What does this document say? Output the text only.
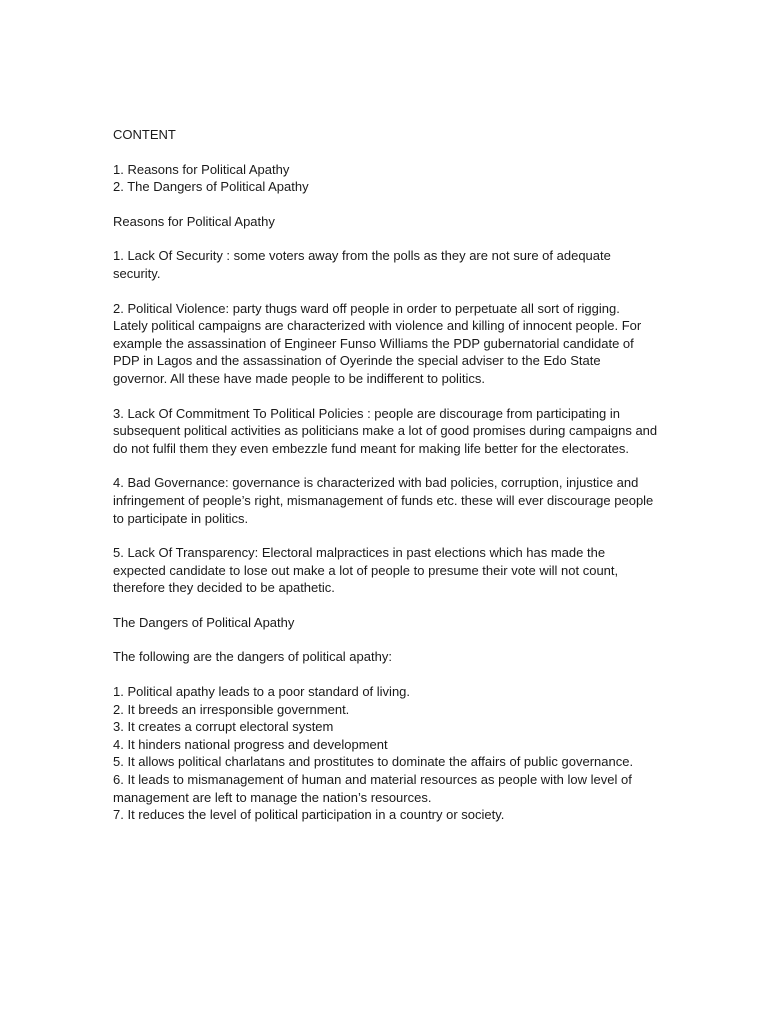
CONTENT
1. Reasons for Political Apathy
2. The Dangers of Political Apathy
Reasons for Political Apathy
1. Lack Of Security : some voters away from the polls as they are not sure of adequate security.
2. Political Violence: party thugs ward off people in order to perpetuate all sort of rigging. Lately political campaigns are characterized with violence and killing of innocent people. For example the assassination of Engineer Funso Williams the PDP gubernatorial candidate of PDP in Lagos and the assassination of Oyerinde the special adviser to the Edo State governor. All these have made people to be indifferent to politics.
3. Lack Of Commitment To Political Policies : people are discourage from participating in subsequent political activities as politicians make a lot of good promises during campaigns and do not fulfil them they even embezzle fund meant for making life better for the electorates.
4. Bad Governance: governance is characterized with bad policies, corruption, injustice and infringement of people’s right, mismanagement of funds etc. these will ever discourage people to participate in politics.
5. Lack Of Transparency: Electoral malpractices in past elections which has made the expected candidate to lose out make a lot of people to presume their vote will not count, therefore they decided to be apathetic.
The Dangers of Political Apathy
The following are the dangers of political apathy:
1. Political apathy leads to a poor standard of living.
2. It breeds an irresponsible government.
3. It creates a corrupt electoral system
4. It hinders national progress and development
5. It allows political charlatans and prostitutes to dominate the affairs of public governance.
6. It leads to mismanagement of human and material resources as people with low level of management are left to manage the nation’s resources.
7. It reduces the level of political participation in a country or society.
